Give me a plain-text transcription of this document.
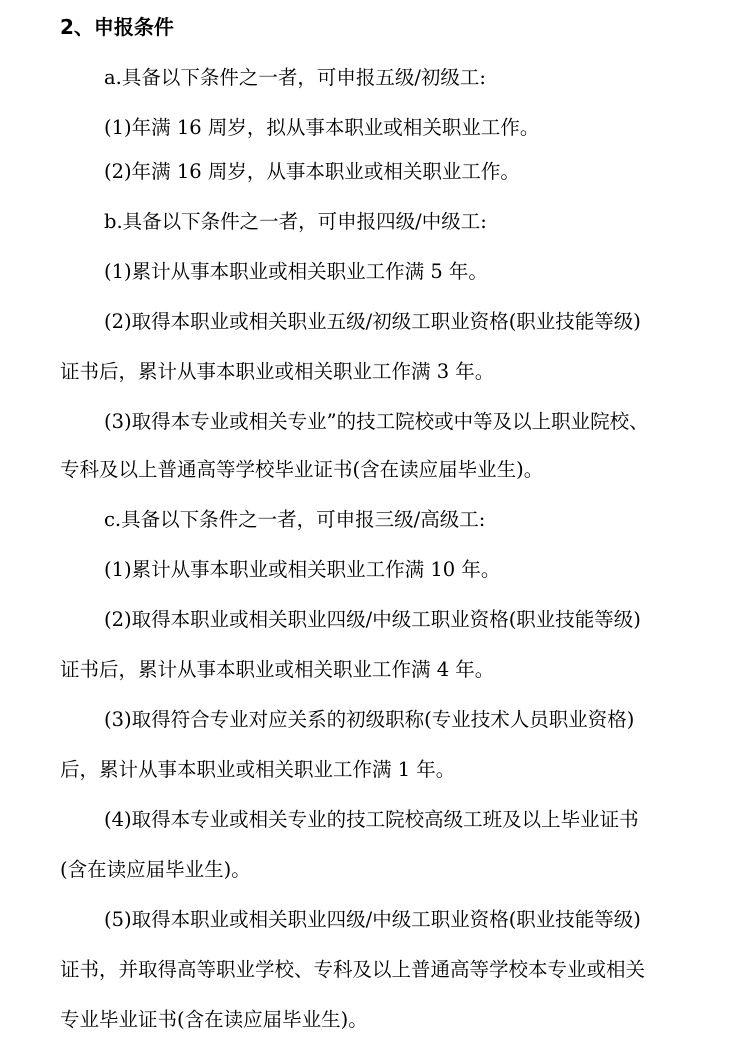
2、申报条件
a.具备以下条件之一者，可申报五级/初级工:
(1)年满 16 周岁，拟从事本职业或相关职业工作。
(2)年满 16 周岁，从事本职业或相关职业工作。
b.具备以下条件之一者，可申报四级/中级工:
(1)累计从事本职业或相关职业工作满 5 年。
(2)取得本职业或相关职业五级/初级工职业资格(职业技能等级)
证书后，累计从事本职业或相关职业工作满 3 年。
(3)取得本专业或相关专业”的技工院校或中等及以上职业院校、
专科及以上普通高等学校毕业证书(含在读应届毕业生)。
c.具备以下条件之一者，可申报三级/高级工:
(1)累计从事本职业或相关职业工作满 10 年。
(2)取得本职业或相关职业四级/中级工职业资格(职业技能等级)
证书后，累计从事本职业或相关职业工作满 4 年。
(3)取得符合专业对应关系的初级职称(专业技术人员职业资格)
后，累计从事本职业或相关职业工作满 1 年。
(4)取得本专业或相关专业的技工院校高级工班及以上毕业证书
(含在读应届毕业生)。
(5)取得本职业或相关职业四级/中级工职业资格(职业技能等级)
证书，并取得高等职业学校、专科及以上普通高等学校本专业或相关
专业毕业证书(含在读应届毕业生)。
